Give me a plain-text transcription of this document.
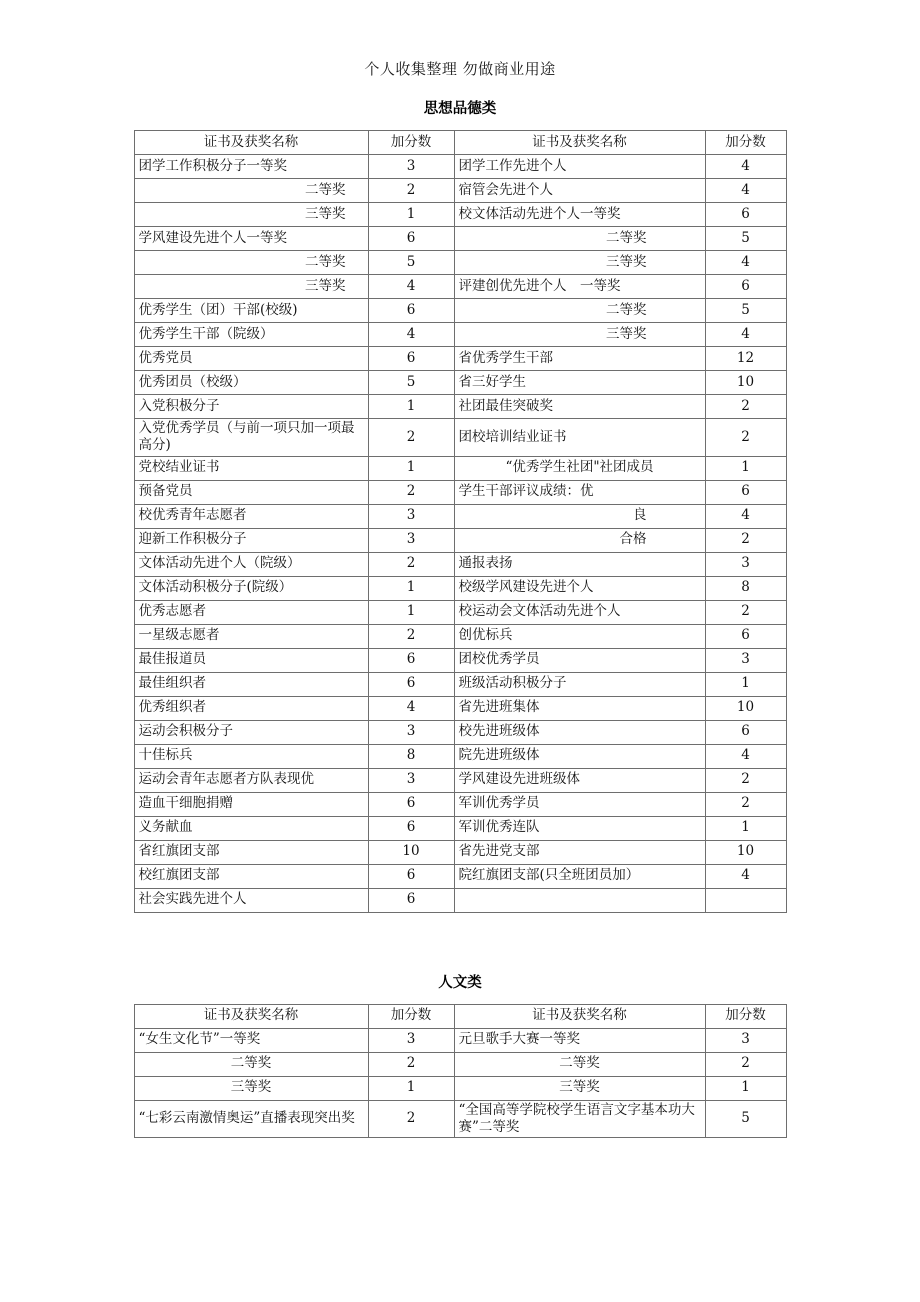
个人收集整理 勿做商业用途
思想品德类
证书及获奖名称	加分数	证书及获奖名称	加分数
团学工作积极分子一等奖	3	团学工作先进个人	4
二等奖	2	宿管会先进个人	4
三等奖	1	校文体活动先进个人一等奖	6
学风建设先进个人一等奖	6	二等奖	5
二等奖	5	三等奖	4
三等奖	4	评建创优先进个人　一等奖	6
优秀学生（团）干部(校级)	6	二等奖	5
优秀学生干部（院级）	4	三等奖	4
优秀党员	6	省优秀学生干部	12
优秀团员（校级）	5	省三好学生	10
入党积极分子	1	社团最佳突破奖	2
入党优秀学员（与前一项只加一项最高分)	2	团校培训结业证书	2
党校结业证书	1	“优秀学生社团"社团成员	1
预备党员	2	学生干部评议成绩：优	6
校优秀青年志愿者	3	良	4
迎新工作积极分子	3	合格	2
文体活动先进个人（院级）	2	通报表扬	3
文体活动积极分子(院级）	1	校级学风建设先进个人	8
优秀志愿者	1	校运动会文体活动先进个人	2
一星级志愿者	2	创优标兵	6
最佳报道员	6	团校优秀学员	3
最佳组织者	6	班级活动积极分子	1
优秀组织者	4	省先进班集体	10
运动会积极分子	3	校先进班级体	6
十佳标兵	8	院先进班级体	4
运动会青年志愿者方队表现优	3	学风建设先进班级体	2
造血干细胞捐赠	6	军训优秀学员	2
义务献血	6	军训优秀连队	1
省红旗团支部	10	省先进党支部	10
校红旗团支部	6	院红旗团支部(只全班团员加）	4
社会实践先进个人	6		
人文类
证书及获奖名称	加分数	证书及获奖名称	加分数
“女生文化节”一等奖	3	元旦歌手大赛一等奖	3
二等奖	2	二等奖	2
三等奖	1	三等奖	1
“七彩云南激情奥运”直播表现突出奖	2	“全国高等学院校学生语言文字基本功大赛”二等奖	5
